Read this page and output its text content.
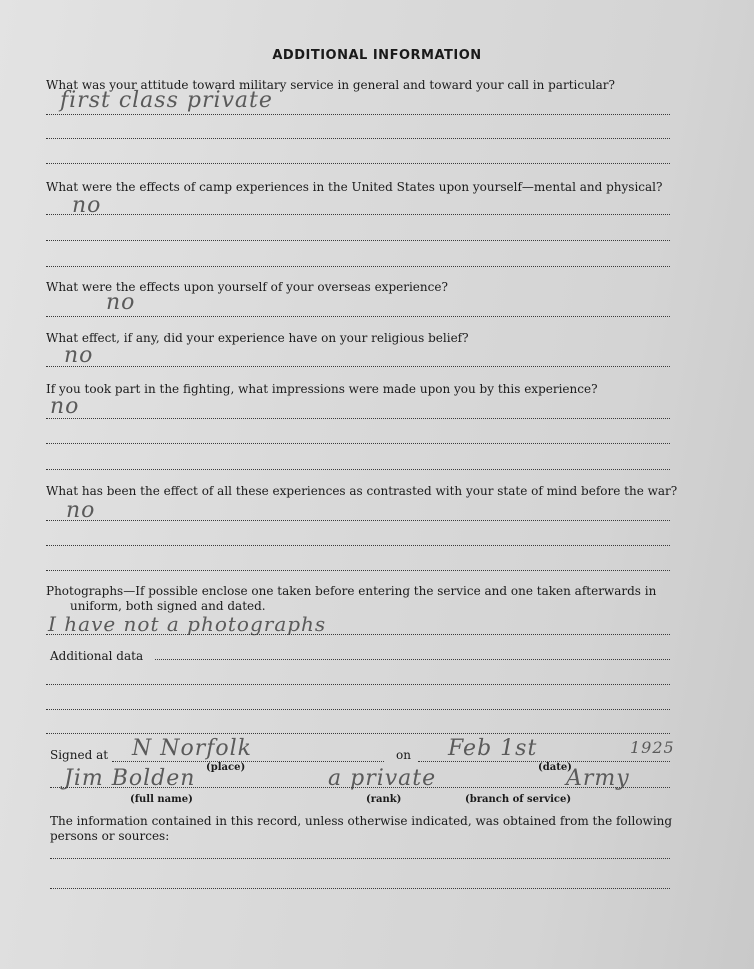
ADDITIONAL INFORMATION
What was your attitude toward military service in general and toward your call in particular?
first class private
What were the effects of camp experiences in the United States upon yourself—mental and physical?
no
What were the effects upon yourself of your overseas experience?
no
What effect, if any, did your experience have on your religious belief?
no
If you took part in the fighting, what impressions were made upon you by this experience?
no
What has been the effect of all these experiences as contrasted with your state of mind before the war?
no
Photographs—If possible enclose one taken before entering the service and one taken afterwards in
uniform, both signed and dated.
I have not a photographs
Additional data
Signed at N Norfolk	on Feb 1st	1925
(place)	(date)
Jim Bolden	a private	Army
(full name)	(rank)	(branch of service)
The information contained in this record, unless otherwise indicated, was obtained from the following
persons or sources:
